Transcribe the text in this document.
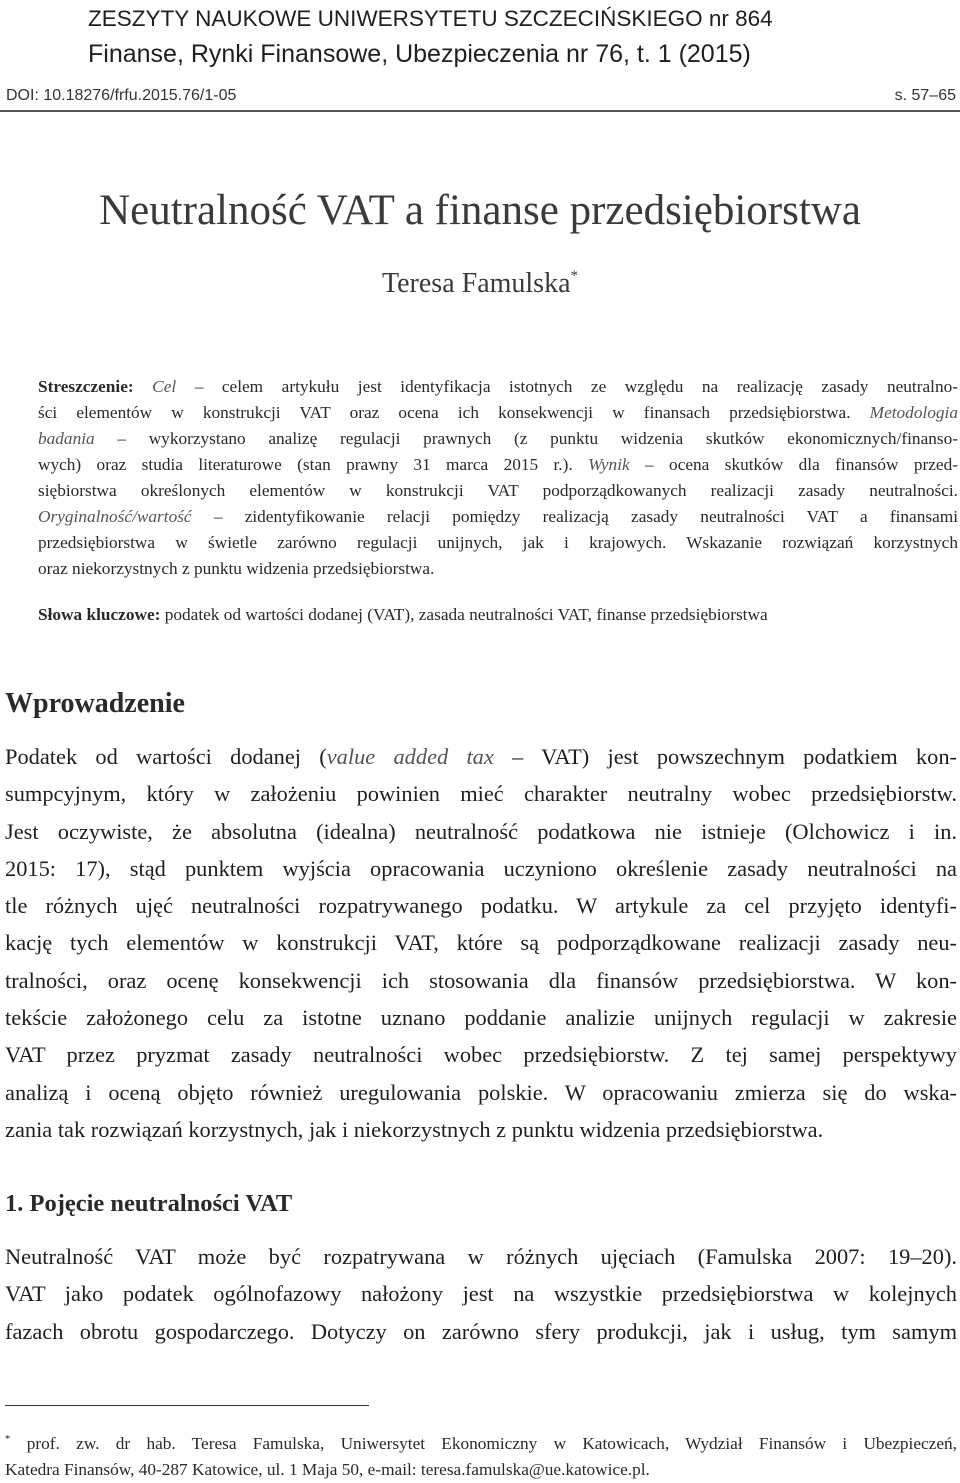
ZESZYTY NAUKOWE UNIWERSYTETU SZCZECIŃSKIEGO nr 864
Finanse, Rynki Finansowe, Ubezpieczenia nr 76, t. 1 (2015)
DOI: 10.18276/frfu.2015.76/1-05	s. 57–65
Neutralność VAT a finanse przedsiębiorstwa
Teresa Famulska*

Streszczenie: Cel – celem artykułu jest identyfikacja istotnych ze względu na realizację zasady neutralno-

ści elementów w konstrukcji VAT oraz ocena ich konsekwencji w finansach przedsiębiorstwa. Metodologia

badania – wykorzystano analizę regulacji prawnych (z punktu widzenia skutków ekonomicznych/finanso-

wych) oraz studia literaturowe (stan prawny 31 marca 2015 r.). Wynik – ocena skutków dla finansów przed-

siębiorstwa określonych elementów w konstrukcji VAT podporządkowanych realizacji zasady neutralności.

Oryginalność/wartość – zidentyfikowanie relacji pomiędzy realizacją zasady neutralności VAT a finansami

przedsiębiorstwa w świetle zarówno regulacji unijnych, jak i krajowych. Wskazanie rozwiązań korzystnych

oraz niekorzystnych z punktu widzenia przedsiębiorstwa.

Słowa kluczowe: podatek od wartości dodanej (VAT), zasada neutralności VAT, finanse przedsiębiorstwa

Wprowadzenie

Podatek od wartości dodanej (value added tax – VAT) jest powszechnym podatkiem kon-

sumpcyjnym, który w założeniu powinien mieć charakter neutralny wobec przedsiębiorstw.

Jest oczywiste, że absolutna (idealna) neutralność podatkowa nie istnieje (Olchowicz i in.

2015: 17), stąd punktem wyjścia opracowania uczyniono określenie zasady neutralności na

tle różnych ujęć neutralności rozpatrywanego podatku. W artykule za cel przyjęto identyfi-

kację tych elementów w konstrukcji VAT, które są podporządkowane realizacji zasady neu-

tralności, oraz ocenę konsekwencji ich stosowania dla finansów przedsiębiorstwa. W kon-

tekście założonego celu za istotne uznano poddanie analizie unijnych regulacji w zakresie

VAT przez pryzmat zasady neutralności wobec przedsiębiorstw. Z tej samej perspektywy

analizą i oceną objęto również uregulowania polskie. W opracowaniu zmierza się do wska-

zania tak rozwiązań korzystnych, jak i niekorzystnych z punktu widzenia przedsiębiorstwa.

1. Pojęcie neutralności VAT

Neutralność VAT może być rozpatrywana w różnych ujęciach (Famulska 2007: 19–20).

VAT jako podatek ogólnofazowy nałożony jest na wszystkie przedsiębiorstwa w kolejnych

fazach obrotu gospodarczego. Dotyczy on zarówno sfery produkcji, jak i usług, tym samym

* prof. zw. dr hab. Teresa Famulska, Uniwersytet Ekonomiczny w Katowicach, Wydział Finansów i Ubezpieczeń,

Katedra Finansów, 40-287 Katowice, ul. 1 Maja 50, e-mail: teresa.famulska@ue.katowice.pl.
